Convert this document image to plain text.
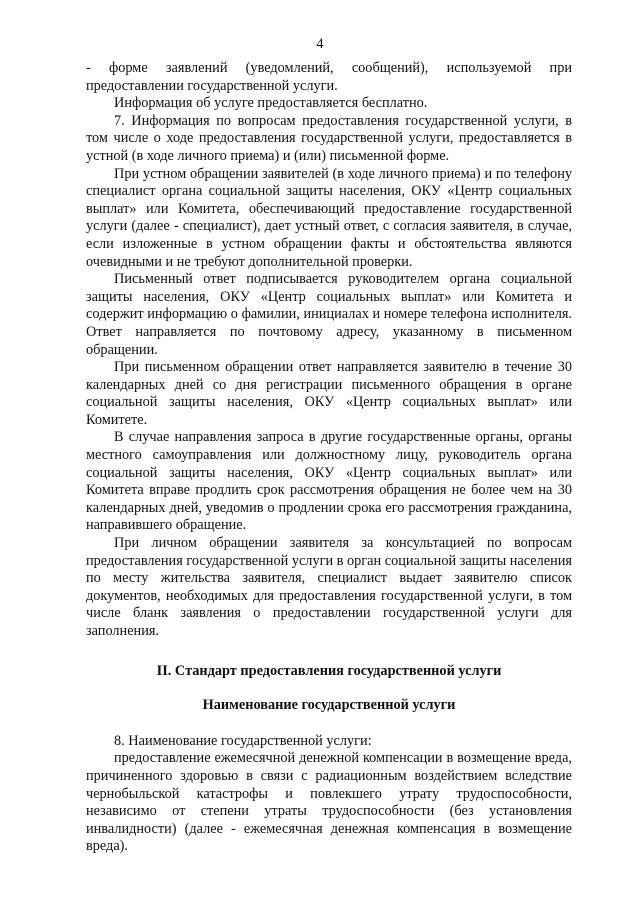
4

- форме заявлений (уведомлений, сообщений), используемой при предоставлении государственной услуги.

Информация об услуге предоставляется бесплатно.

7. Информация по вопросам предоставления государственной услуги, в том числе о ходе предоставления государственной услуги, предоставляется в устной (в ходе личного приема) и (или) письменной форме.

При устном обращении заявителей (в ходе личного приема) и по телефону специалист органа социальной защиты населения, ОКУ «Центр социальных выплат» или Комитета, обеспечивающий предоставление государственной услуги (далее - специалист), дает устный ответ, с согласия заявителя, в случае, если изложенные в устном обращении факты и обстоятельства являются очевидными и не требуют дополнительной проверки.

Письменный ответ подписывается руководителем органа социальной защиты населения, ОКУ «Центр социальных выплат» или Комитета и содержит информацию о фамилии, инициалах и номере телефона исполнителя. Ответ направляется по почтовому адресу, указанному в письменном обращении.

При письменном обращении ответ направляется заявителю в течение 30 календарных дней со дня регистрации письменного обращения в органе социальной защиты населения, ОКУ «Центр социальных выплат» или Комитете.

В случае направления запроса в другие государственные органы, органы местного самоуправления или должностному лицу, руководитель органа социальной защиты населения, ОКУ «Центр социальных выплат» или Комитета вправе продлить срок рассмотрения обращения не более чем на 30 календарных дней, уведомив о продлении срока его рассмотрения гражданина, направившего обращение.

При личном обращении заявителя за консультацией по вопросам предоставления государственной услуги в орган социальной защиты населения по месту жительства заявителя, специалист выдает заявителю список документов, необходимых для предоставления государственной услуги, в том числе бланк заявления о предоставлении государственной услуги для заполнения.

II. Стандарт предоставления государственной услуги
Наименование государственной услуги

8. Наименование государственной услуги:

предоставление ежемесячной денежной компенсации в возмещение вреда, причиненного здоровью в связи с радиационным воздействием вследствие чернобыльской катастрофы и повлекшего утрату трудоспособности, независимо от степени утраты трудоспособности (без установления инвалидности) (далее - ежемесячная денежная компенсация в возмещение вреда).
